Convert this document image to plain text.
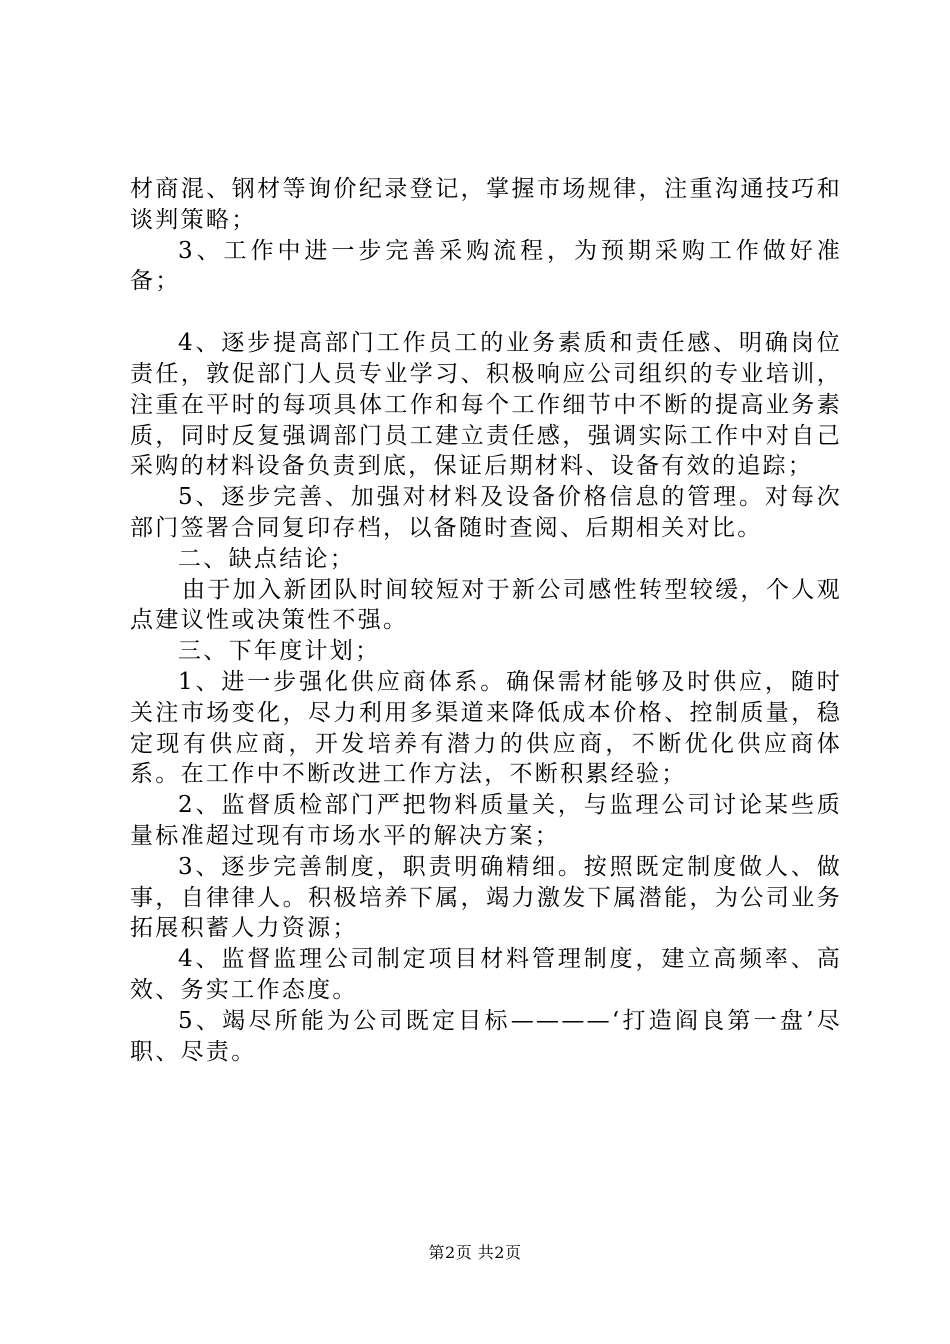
材商混、钢材等询价纪录登记，掌握市场规律，注重沟通技巧和谈判策略；

3、工作中进一步完善采购流程，为预期采购工作做好准备；

4、逐步提高部门工作员工的业务素质和责任感、明确岗位责任，敦促部门人员专业学习、积极响应公司组织的专业培训，注重在平时的每项具体工作和每个工作细节中不断的提高业务素质，同时反复强调部门员工建立责任感，强调实际工作中对自己采购的材料设备负责到底，保证后期材料、设备有效的追踪；

5、逐步完善、加强对材料及设备价格信息的管理。对每次部门签署合同复印存档，以备随时查阅、后期相关对比。

二、缺点结论；

由于加入新团队时间较短对于新公司感性转型较缓，个人观点建议性或决策性不强。

三、下年度计划；

1、进一步强化供应商体系。确保需材能够及时供应，随时关注市场变化，尽力利用多渠道来降低成本价格、控制质量，稳定现有供应商，开发培养有潜力的供应商，不断优化供应商体系。在工作中不断改进工作方法，不断积累经验；

2、监督质检部门严把物料质量关，与监理公司讨论某些质量标准超过现有市场水平的解决方案；

3、逐步完善制度，职责明确精细。按照既定制度做人、做事，自律律人。积极培养下属，竭力激发下属潜能，为公司业务拓展积蓄人力资源；

4、监督监理公司制定项目材料管理制度，建立高频率、高效、务实工作态度。

5、竭尽所能为公司既定目标————‘打造阎良第一盘’尽职、尽责。

第2页 共2页
